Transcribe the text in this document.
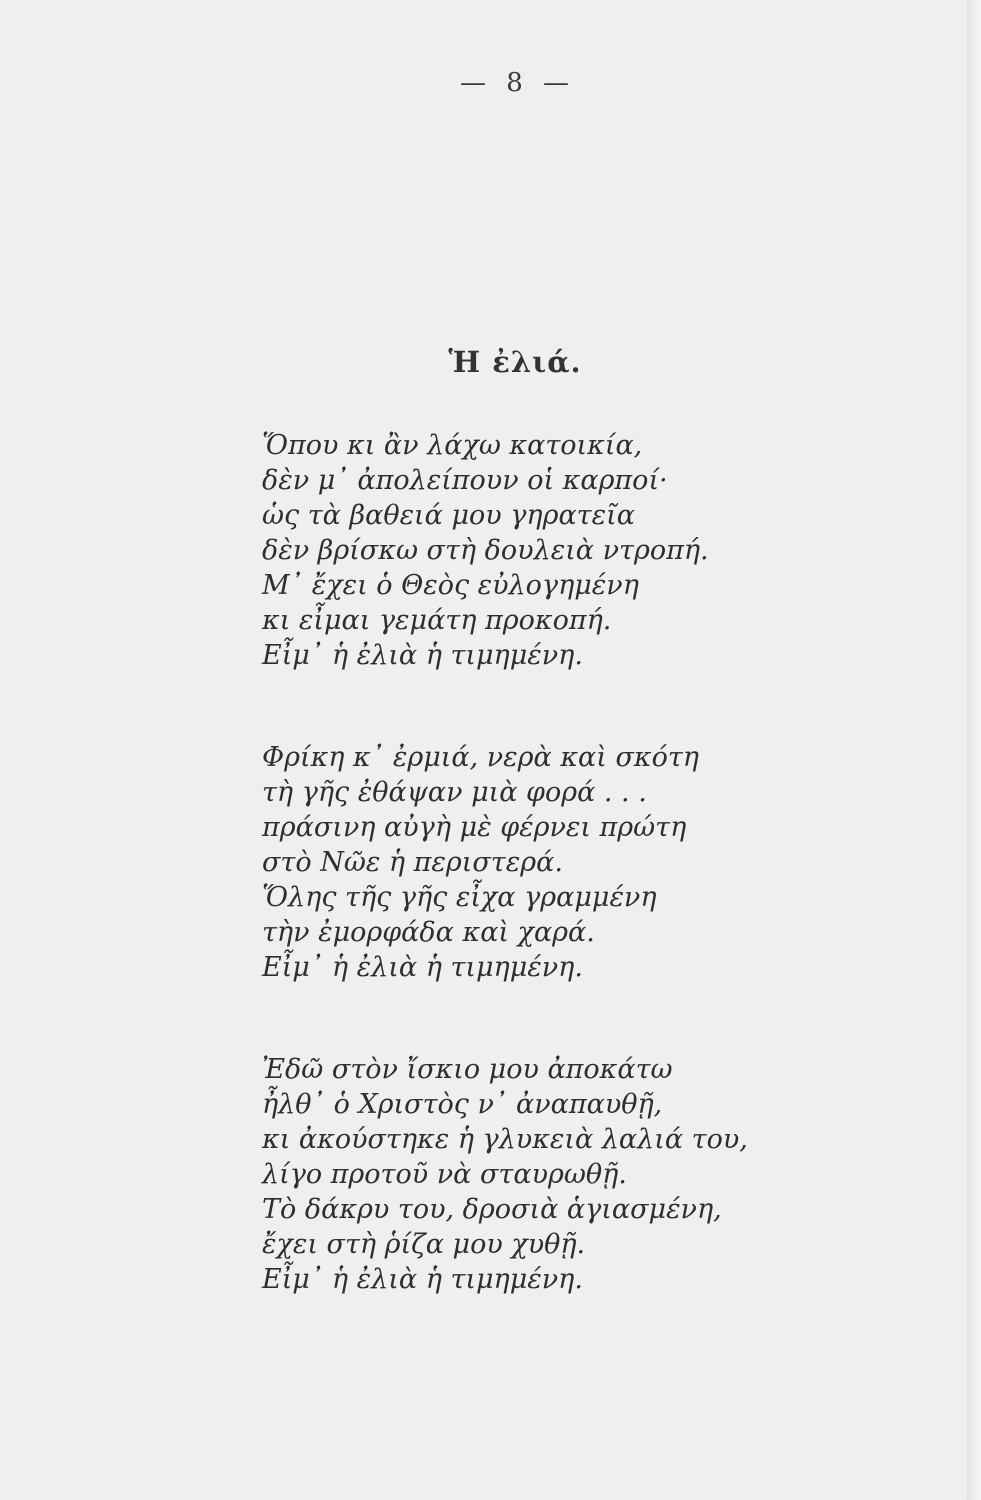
— 8 —
Ἡ ἐλιά.
Ὅπου κι ἂν λάχω κατοικία,
δὲν μ᾽ ἀπολείπουν οἱ καρποί·
ὡς τὰ βαθειά μου γηρατεῖα
δὲν βρίσκω στὴ δουλειὰ ντροπή.
Μ᾽ ἔχει ὁ Θεὸς εὐλογημένη
κι εἶμαι γεμάτη προκοπή.
Εἶμ᾽ ἡ ἐλιὰ ἡ τιμημένη.
Φρίκη κ᾽ ἐρμιά, νερὰ καὶ σκότη
τὴ γῆς ἐθάψαν μιὰ φορά . . .
πράσινη αὐγὴ μὲ φέρνει πρώτη
στὸ Νῶε ἡ περιστερά.
Ὅλης τῆς γῆς εἶχα γραμμένη
τὴν ἐμορφάδα καὶ χαρά.
Εἶμ᾽ ἡ ἐλιὰ ἡ τιμημένη.
Ἐδῶ στὸν ἴσκιο μου ἀποκάτω
ἦλθ᾽ ὁ Χριστὸς ν᾽ ἀναπαυθῇ,
κι ἀκούστηκε ἡ γλυκειὰ λαλιά του,
λίγο προτοῦ νὰ σταυρωθῇ.
Τὸ δάκρυ του, δροσιὰ ἁγιασμένη,
ἔχει στὴ ῥίζα μου χυθῇ.
Εἶμ᾽ ἡ ἐλιὰ ἡ τιμημένη.
